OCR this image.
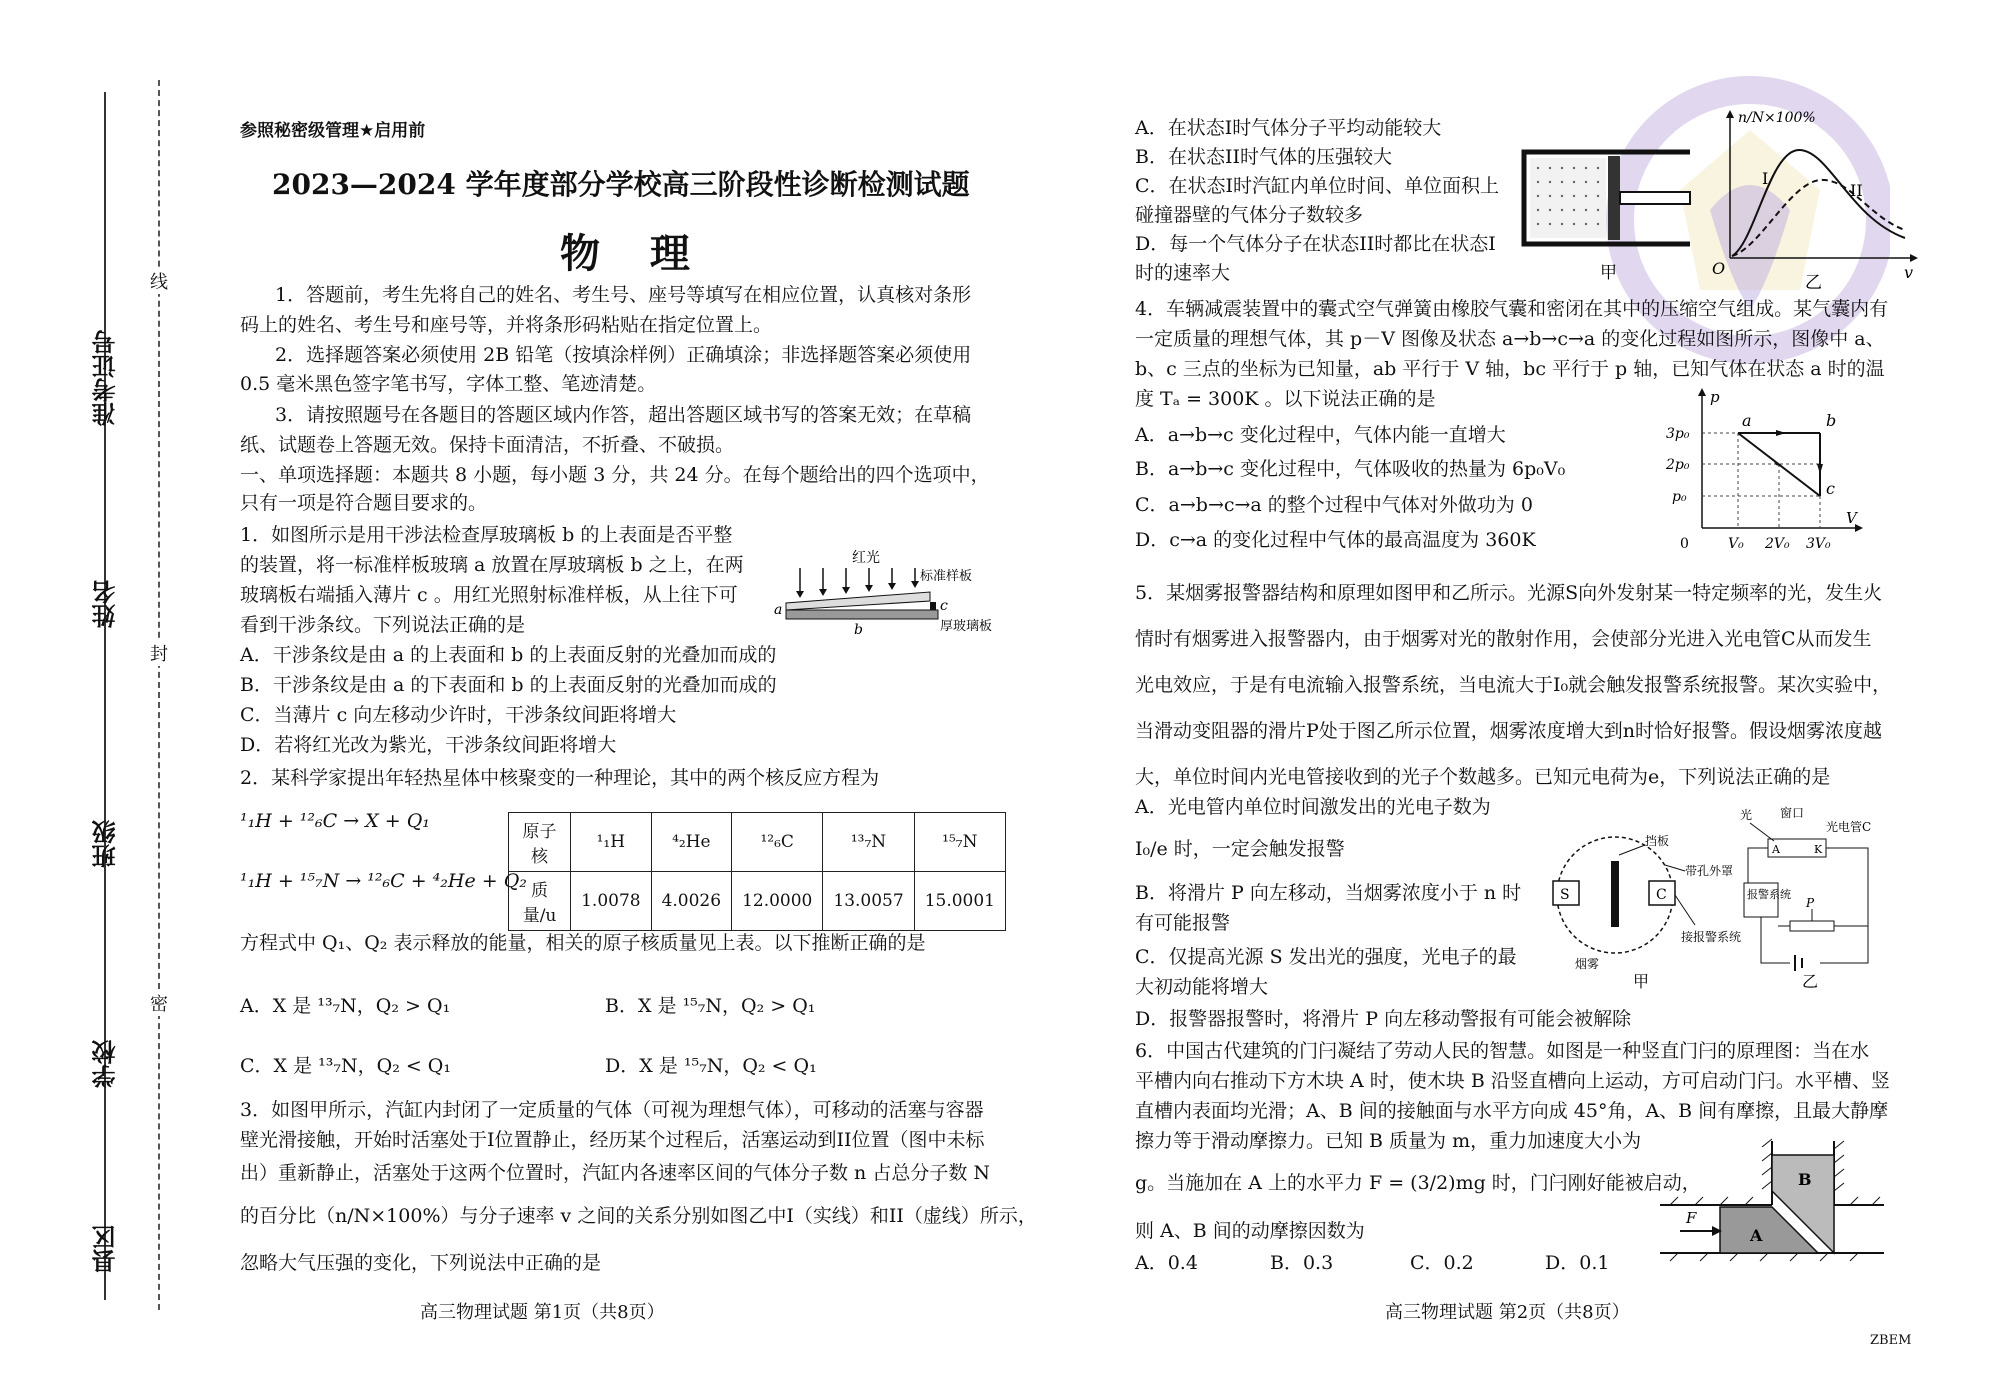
准考证号
姓名
班级
学校
县区
线
封
密
参照秘密级管理★启用前
2023—2024 学年度部分学校高三阶段性诊断检测试题
物 理
1．答题前，考生先将自己的姓名、考生号、座号等填写在相应位置，认真核对条形
码上的姓名、考生号和座号等，并将条形码粘贴在指定位置上。
2．选择题答案必须使用 2B 铅笔（按填涂样例）正确填涂；非选择题答案必须使用
0.5 毫米黑色签字笔书写，字体工整、笔迹清楚。
3．请按照题号在各题目的答题区域内作答，超出答题区域书写的答案无效；在草稿
纸、试题卷上答题无效。保持卡面清洁，不折叠、不破损。
一、单项选择题：本题共 8 小题，每小题 3 分，共 24 分。在每个题给出的四个选项中，
只有一项是符合题目要求的。
1．如图所示是用干涉法检查厚玻璃板 b 的上表面是否平整
的装置，将一标准样板玻璃 a 放置在厚玻璃板 b 之上，在两
玻璃板右端插入薄片 c 。用红光照射标准样板，从上往下可
看到干涉条纹。下列说法正确的是
A．干涉条纹是由 a 的上表面和 b 的上表面反射的光叠加而成的
B．干涉条纹是由 a 的下表面和 b 的上表面反射的光叠加而成的
C．当薄片 c 向左移动少许时，干涉条纹间距将增大
D．若将红光改为紫光，干涉条纹间距将增大
红光
标准样板
厚玻璃板
a	c
b
2．某科学家提出年轻热星体中核聚变的一种理论，其中的两个核反应方程为
¹₁H + ¹²₆C → X + Q₁
¹₁H + ¹⁵₇N → ¹²₆C + ⁴₂He + Q₂
原子核	¹₁H	⁴₂He	¹²₆C	¹³₇N	¹⁵₇N
质量/u	1.0078	4.0026	12.0000	13.0057	15.0001
方程式中 Q₁、Q₂ 表示释放的能量，相关的原子核质量见上表。以下推断正确的是
A．X 是 ¹³₇N，Q₂ > Q₁	B．X 是 ¹⁵₇N，Q₂ > Q₁
C．X 是 ¹³₇N，Q₂ < Q₁	D．X 是 ¹⁵₇N，Q₂ < Q₁
3．如图甲所示，汽缸内封闭了一定质量的气体（可视为理想气体），可移动的活塞与容器
壁光滑接触，开始时活塞处于I位置静止，经历某个过程后，活塞运动到II位置（图中未标
出）重新静止，活塞处于这两个位置时，汽缸内各速率区间的气体分子数 n 占总分子数 N
的百分比（n/N×100%）与分子速率 v 之间的关系分别如图乙中I（实线）和II（虚线）所示，
忽略大气压强的变化，下列说法中正确的是
高三物理试题 第1页（共8页）
A．在状态I时气体分子平均动能较大
B．在状态II时气体的压强较大
C．在状态I时汽缸内单位时间、单位面积上
碰撞器壁的气体分子数较多
D．每一个气体分子在状态II时都比在状态I
时的速率大	甲
n/N×100%
I
II
O	v
乙
4．车辆减震装置中的囊式空气弹簧由橡胶气囊和密闭在其中的压缩空气组成。某气囊内有
一定质量的理想气体，其 p－V 图像及状态 a→b→c→a 的变化过程如图所示，图像中 a、
b、c 三点的坐标为已知量，ab 平行于 V 轴，bc 平行于 p 轴，已知气体在状态 a 时的温
度 Tₐ = 300K 。以下说法正确的是
A．a→b→c 变化过程中，气体内能一直增大
B．a→b→c 变化过程中，气体吸收的热量为 6p₀V₀
C．a→b→c→a 的整个过程中气体对外做功为 0
D．c→a 的变化过程中气体的最高温度为 360K
p
V
3p₀
2p₀
p₀
0	V₀ 2V₀ 3V₀
a	b
c
5．某烟雾报警器结构和原理如图甲和乙所示。光源S向外发射某一特定频率的光，发生火
情时有烟雾进入报警器内，由于烟雾对光的散射作用，会使部分光进入光电管C从而发生
光电效应，于是有电流输入报警系统，当电流大于I₀就会触发报警系统报警。某次实验中，
当滑动变阻器的滑片P处于图乙所示位置，烟雾浓度增大到n时恰好报警。假设烟雾浓度越
大，单位时间内光电管接收到的光子个数越多。已知元电荷为e，下列说法正确的是
A．光电管内单位时间激发出的光电子数为
I₀/e 时，一定会触发报警
B．将滑片 P 向左移动，当烟雾浓度小于 n 时
有可能报警
C．仅提高光源 S 发出光的强度，光电子的最
大初动能将增大
D．报警器报警时，将滑片 P 向左移动警报有可能会被解除
S	C
挡板
带孔外罩
接报警系统
烟雾
甲
光 窗口
光电管C
A	K
报警系统
P
乙
6．中国古代建筑的门闩凝结了劳动人民的智慧。如图是一种竖直门闩的原理图：当在水
平槽内向右推动下方木块 A 时，使木块 B 沿竖直槽向上运动，方可启动门闩。水平槽、竖
直槽内表面均光滑；A、B 间的接触面与水平方向成 45°角，A、B 间有摩擦，且最大静摩
擦力等于滑动摩擦力。已知 B 质量为 m，重力加速度大小为
g。当施加在 A 上的水平力 F = (3/2)mg 时，门闩刚好能被启动，
则 A、B 间的动摩擦因数为
A．0.4	B．0.3	C．0.2	D．0.1
B
A
F
高三物理试题 第2页（共8页）
ZBEM
